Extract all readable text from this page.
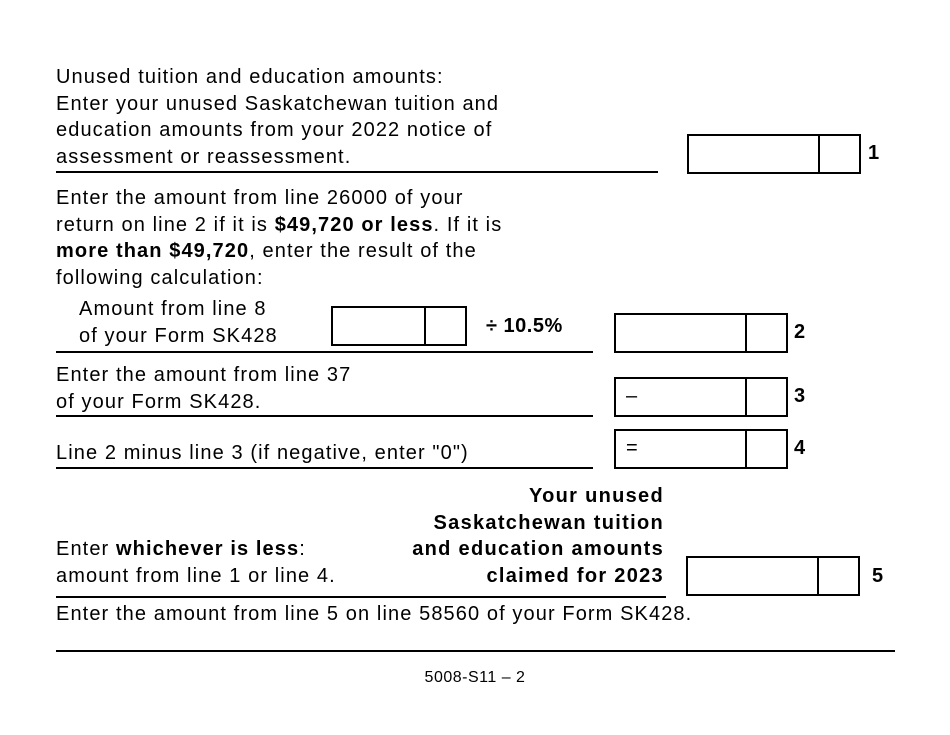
Unused tuition and education amounts:

Enter your unused Saskatchewan tuition and

education amounts from your 2022 notice of

assessment or reassessment.	1

Enter the amount from line 26000 of your

return on line 2 if it is $49,720 or less. If it is

more than $49,720, enter the result of the

following calculation:

Amount from line 8

of your Form SK428	÷ 10.5%	2

Enter the amount from line 37

of your Form SK428.	–	3
Line 2 minus line 3 (if negative, enter "0")	=	4

Enter whichever is less:

amount from line 1 or line 4.

Your unused

Saskatchewan tuition

and education amounts

claimed for 2023	5
Enter the amount from line 5 on line 58560 of your Form SK428.
5008-S11 – 2
